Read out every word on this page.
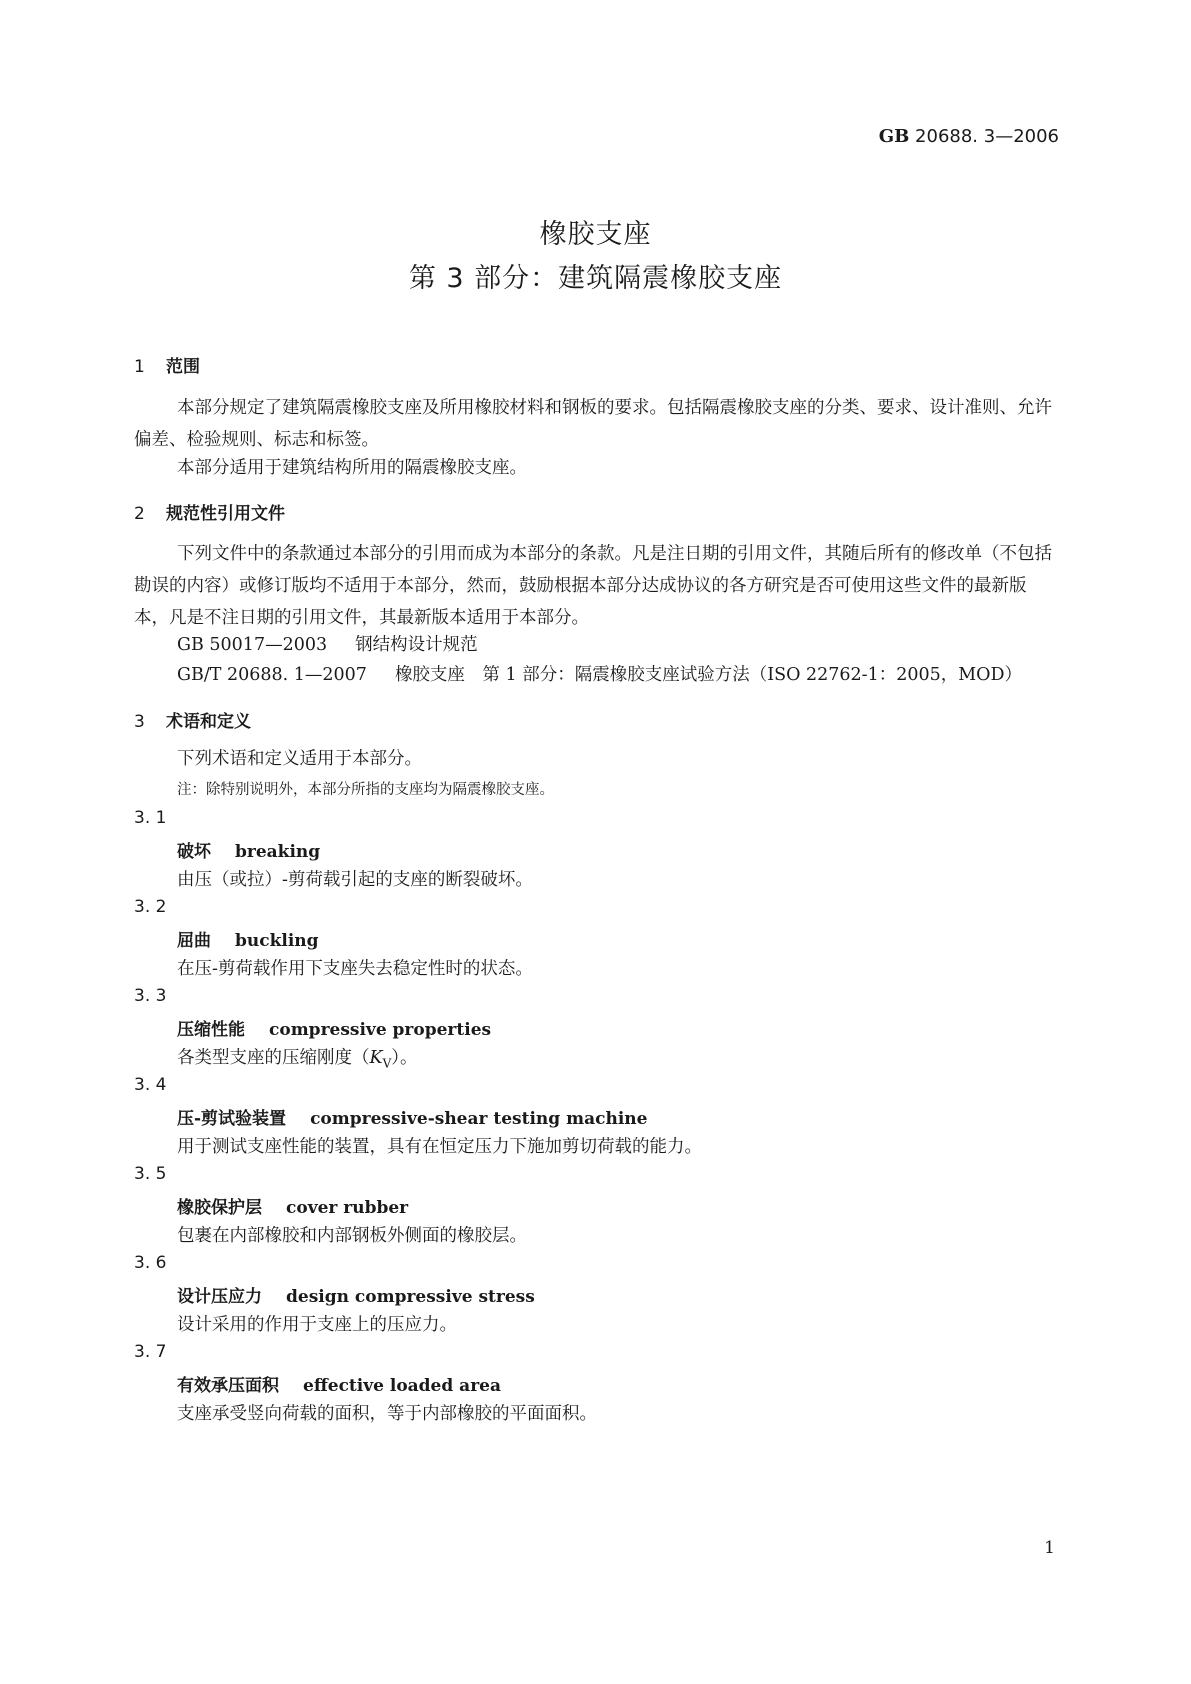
GB 20688. 3—2006
橡胶支座
第 3 部分：建筑隔震橡胶支座
1 范围
本部分规定了建筑隔震橡胶支座及所用橡胶材料和钢板的要求。包括隔震橡胶支座的分类、要求、设计准则、允许偏差、检验规则、标志和标签。
本部分适用于建筑结构所用的隔震橡胶支座。
2 规范性引用文件
下列文件中的条款通过本部分的引用而成为本部分的条款。凡是注日期的引用文件，其随后所有的修改单（不包括勘误的内容）或修订版均不适用于本部分，然而，鼓励根据本部分达成协议的各方研究是否可使用这些文件的最新版本，凡是不注日期的引用文件，其最新版本适用于本部分。
GB 50017—2003 钢结构设计规范
GB/T 20688. 1—2007 橡胶支座　第 1 部分：隔震橡胶支座试验方法（ISO 22762-1：2005，MOD）
3 术语和定义
下列术语和定义适用于本部分。
注：除特别说明外，本部分所指的支座均为隔震橡胶支座。
3. 1
破坏 breaking
由压（或拉）-剪荷载引起的支座的断裂破坏。
3. 2
屈曲 buckling
在压-剪荷载作用下支座失去稳定性时的状态。
3. 3
压缩性能 compressive properties
各类型支座的压缩刚度$(K_V)$。
3. 4
压-剪试验装置 compressive-shear testing machine
用于测试支座性能的装置，具有在恒定压力下施加剪切荷载的能力。
3. 5
橡胶保护层 cover rubber
包裹在内部橡胶和内部钢板外侧面的橡胶层。
3. 6
设计压应力 design compressive stress
设计采用的作用于支座上的压应力。
3. 7
有效承压面积 effective loaded area
支座承受竖向荷载的面积，等于内部橡胶的平面面积。
1
